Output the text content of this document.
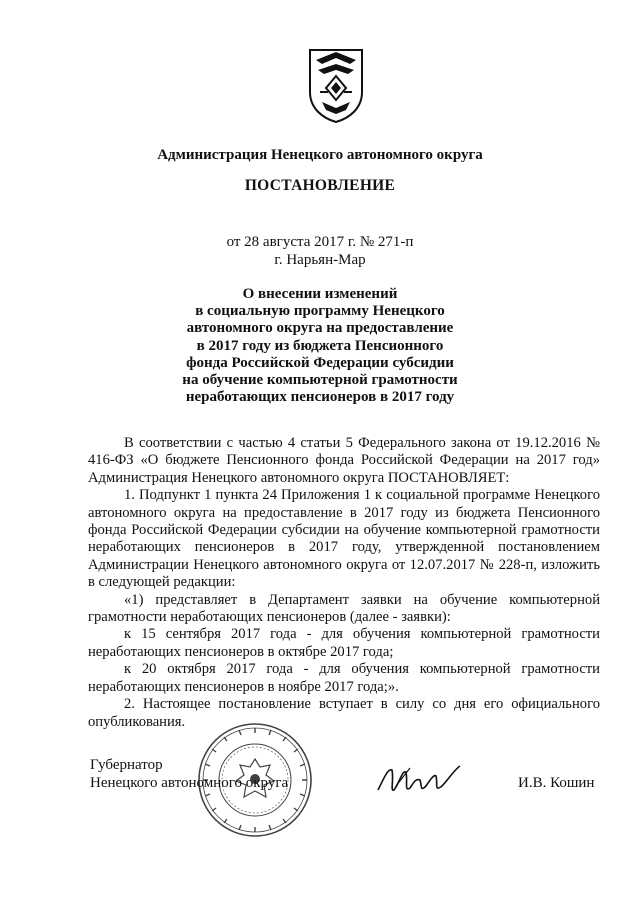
Администрация Ненецкого автономного округа
ПОСТАНОВЛЕНИЕ
от 28 августа 2017 г. № 271-п
г. Нарьян-Мар
О внесении изменений
в социальную программу Ненецкого
автономного округа на предоставление
в 2017 году из бюджета Пенсионного
фонда Российской Федерации субсидии
на обучение компьютерной грамотности
неработающих пенсионеров в 2017 году

В соответствии с частью 4 статьи 5 Федерального закона от 19.12.2016 № 416-ФЗ «О бюджете Пенсионного фонда Российской Федерации на 2017 год» Администрация Ненецкого автономного округа ПОСТАНОВЛЯЕТ:

1. Подпункт 1 пункта 24 Приложения 1 к социальной программе Ненецкого автономного округа на предоставление в 2017 году из бюджета Пенсионного фонда Российской Федерации субсидии на обучение компьютерной грамотности неработающих пенсионеров в 2017 году, утвержденной постановлением Администрации Ненецкого автономного округа от 12.07.2017 № 228-п, изложить в следующей редакции:

«1) представляет в Департамент заявки на обучение компьютерной грамотности неработающих пенсионеров (далее - заявки):

к 15 сентября 2017 года - для обучения компьютерной грамотности неработающих пенсионеров в октябре 2017 года;

к 20 октября 2017 года - для обучения компьютерной грамотности неработающих пенсионеров в ноябре 2017 года;».

2. Настоящее постановление вступает в силу со дня его официального опубликования.

Губернатор
Ненецкого автономного округа	И.В. Кошин
